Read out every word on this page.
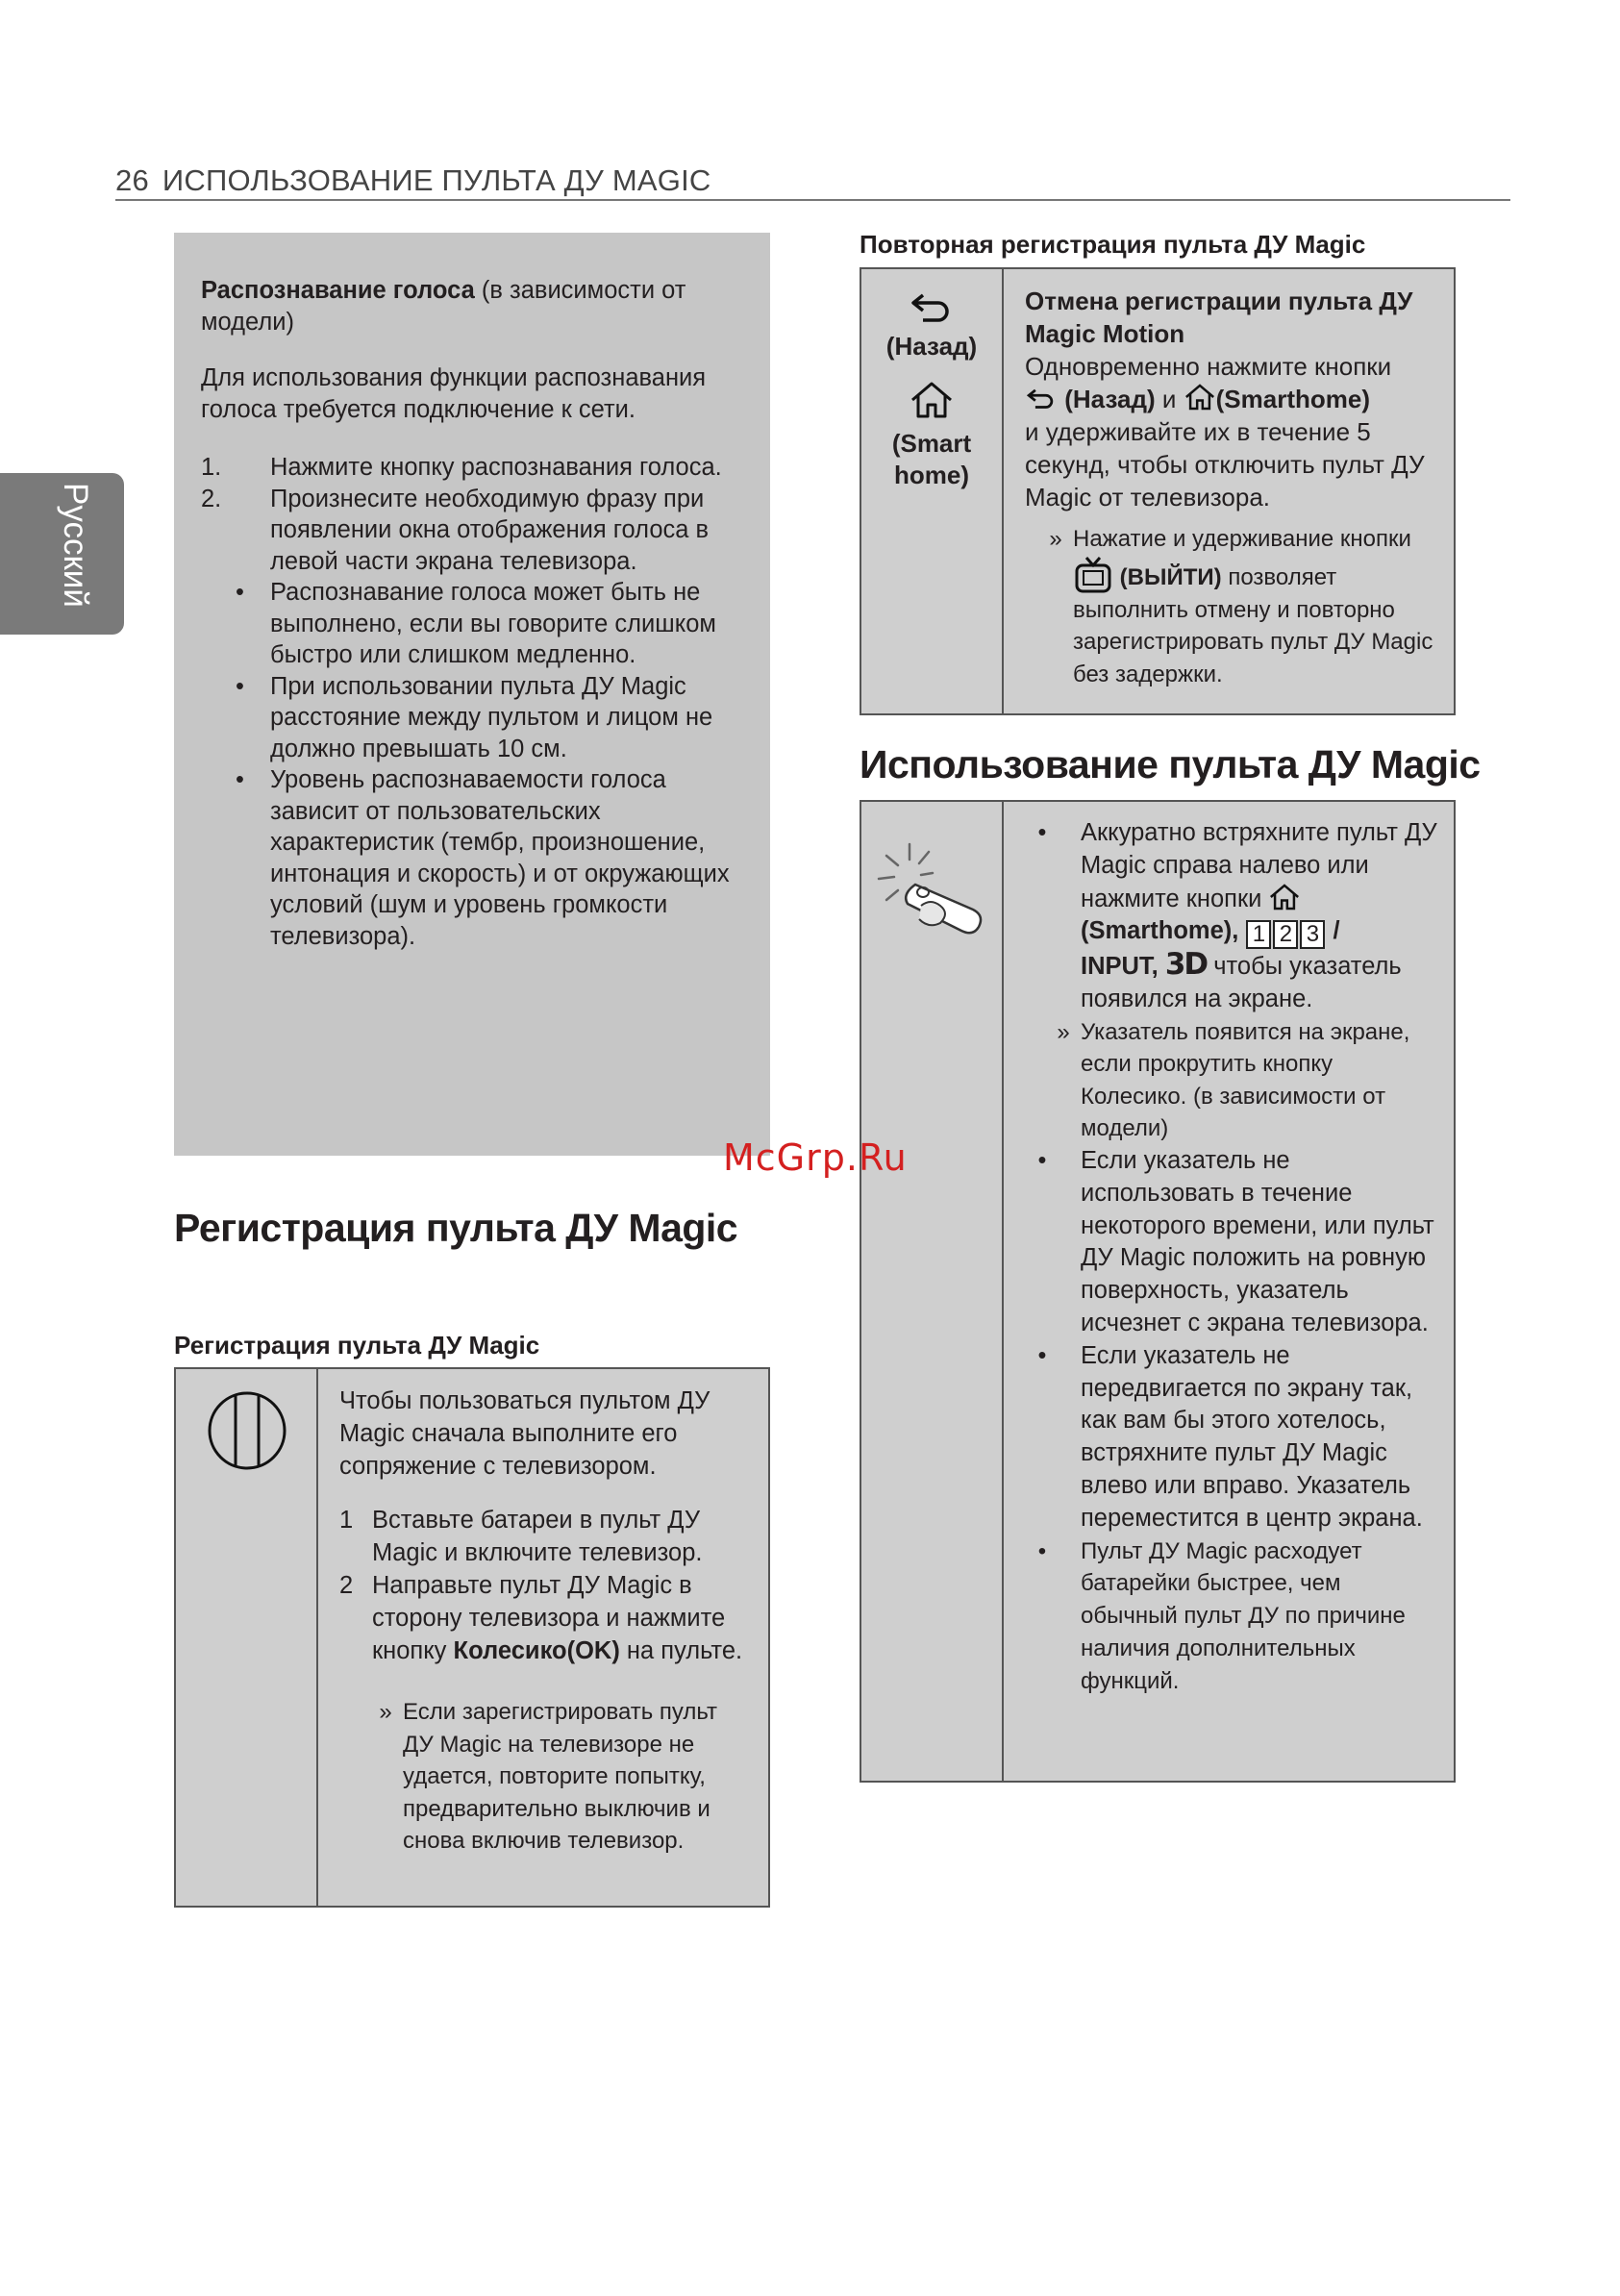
26 ИСПОЛЬЗОВАНИЕ ПУЛЬТА ДУ MAGIC
Русский

Распознавание голоса (в зависимости от модели)

Для использования функции распознавания голоса требуется подключение к сети.

1.	Нажмите кнопку распознавания голоса.
2.	Произнесите необходимую фразу при появлении окна отображения голоса в левой части экрана телевизора.
•	Распознавание голоса может быть не выполнено, если вы говорите слишком быстро или слишком медленно.
•	При использовании пульта ДУ Magic расстояние между пультом и лицом не должно превышать 10 см.
•	Уровень распознаваемости голоса зависит от пользовательских характеристик (тембр, произношение, интонация и скорость) и от окружающих условий (шум и уровень громкости телевизора).
Регистрация пульта ДУ Magic
Регистрация пульта ДУ Magic

Чтобы пользоваться пультом ДУ Magic сначала выполните его сопряжение с телевизором.

1 Вставьте батареи в пульт ДУ Magic и включите телевизор.
2 Направьте пульт ДУ Magic в сторону телевизора и нажмите кнопку Колесико(OK) на пульте.
» Если зарегистрировать пульт ДУ Magic на телевизоре не удается, повторите попытку, предварительно выключив и снова включив телевизор.
Повторная регистрация пульта ДУ Magic
(Назад)
(Smart home)
Отмена регистрации пульта ДУ Magic Motion
Одновременно нажмите кнопки
(Назад) и (Smarthome)
и удерживайте их в течение 5 секунд, чтобы отключить пульт ДУ Magic от телевизора.
» Нажатие и удерживание кнопки  (ВЫЙТИ) позволяет выполнить отмену и повторно зарегистрировать пульт ДУ Magic без задержки.
Использование пульта ДУ Magic
•	Аккуратно встряхните пульт ДУ Magic справа налево или нажмите кнопки
(Smarthome), 1 2 3 /
INPUT, 3D чтобы указатель появился на экране.
» Указатель появится на экране, если прокрутить кнопку Колесико. (в зависимости от модели)
•	Если указатель не использовать в течение некоторого времени, или пульт ДУ Magic положить на ровную поверхность, указатель исчезнет с экрана телевизора.
•	Если указатель не передвигается по экрану так, как вам бы этого хотелось, встряхните пульт ДУ Magic влево или вправо. Указатель переместится в центр экрана.
•	Пульт ДУ Magic расходует батарейки быстрее, чем обычный пульт ДУ по причине наличия дополнительных функций.
McGrp.Ru
